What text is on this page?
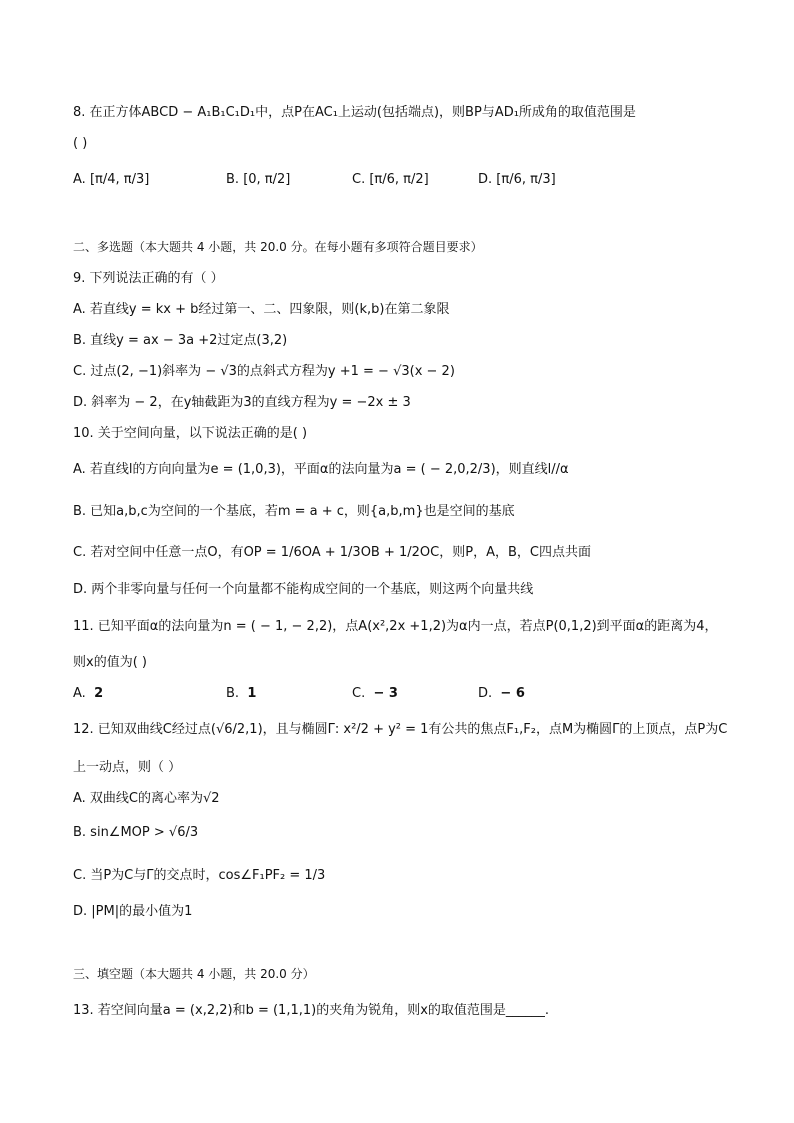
8. 在正方体ABCD − A₁B₁C₁D₁中，点P在AC₁上运动(包括端点)，则BP与AD₁所成角的取值范围是
( )
A. [π/4, π/3]	B. [0, π/2]	C. [π/6, π/2]	D. [π/6, π/3]
二、多选题（本大题共 4 小题，共 20.0 分。在每小题有多项符合题目要求）
9. 下列说法正确的有（ ）
A. 若直线y = kx + b经过第一、二、四象限，则(k,b)在第二象限
B. 直线y = ax − 3a +2过定点(3,2)
C. 过点(2, −1)斜率为 − √3的点斜式方程为y +1 = − √3(x − 2)
D. 斜率为 − 2，在y轴截距为3的直线方程为y = −2x ± 3
10. 关于空间向量，以下说法正确的是( )
A. 若直线l的方向向量为e = (1,0,3)，平面α的法向量为a = ( − 2,0,2/3)，则直线l//α
B. 已知a,b,c为空间的一个基底，若m = a + c，则{a,b,m}也是空间的基底
C. 若对空间中任意一点O，有OP = 1/6OA + 1/3OB + 1/2OC，则P，A，B，C四点共面
D. 两个非零向量与任何一个向量都不能构成空间的一个基底，则这两个向量共线
11. 已知平面α的法向量为n = ( − 1, − 2,2)，点A(x²,2x +1,2)为α内一点，若点P(0,1,2)到平面α的距离为4，
则x的值为( )
A. 2	B. 1	C. − 3	D. − 6
12. 已知双曲线C经过点(√6/2,1)，且与椭圆Γ: x²/2 + y² = 1有公共的焦点F₁,F₂，点M为椭圆Γ的上顶点，点P为C
上一动点，则（ ）
A. 双曲线C的离心率为√2
B. sin∠MOP > √6/3
C. 当P为C与Γ的交点时，cos∠F₁PF₂ = 1/3
D. |PM|的最小值为1
三、填空题（本大题共 4 小题，共 20.0 分）
13. 若空间向量a = (x,2,2)和b = (1,1,1)的夹角为锐角，则x的取值范围是______.
